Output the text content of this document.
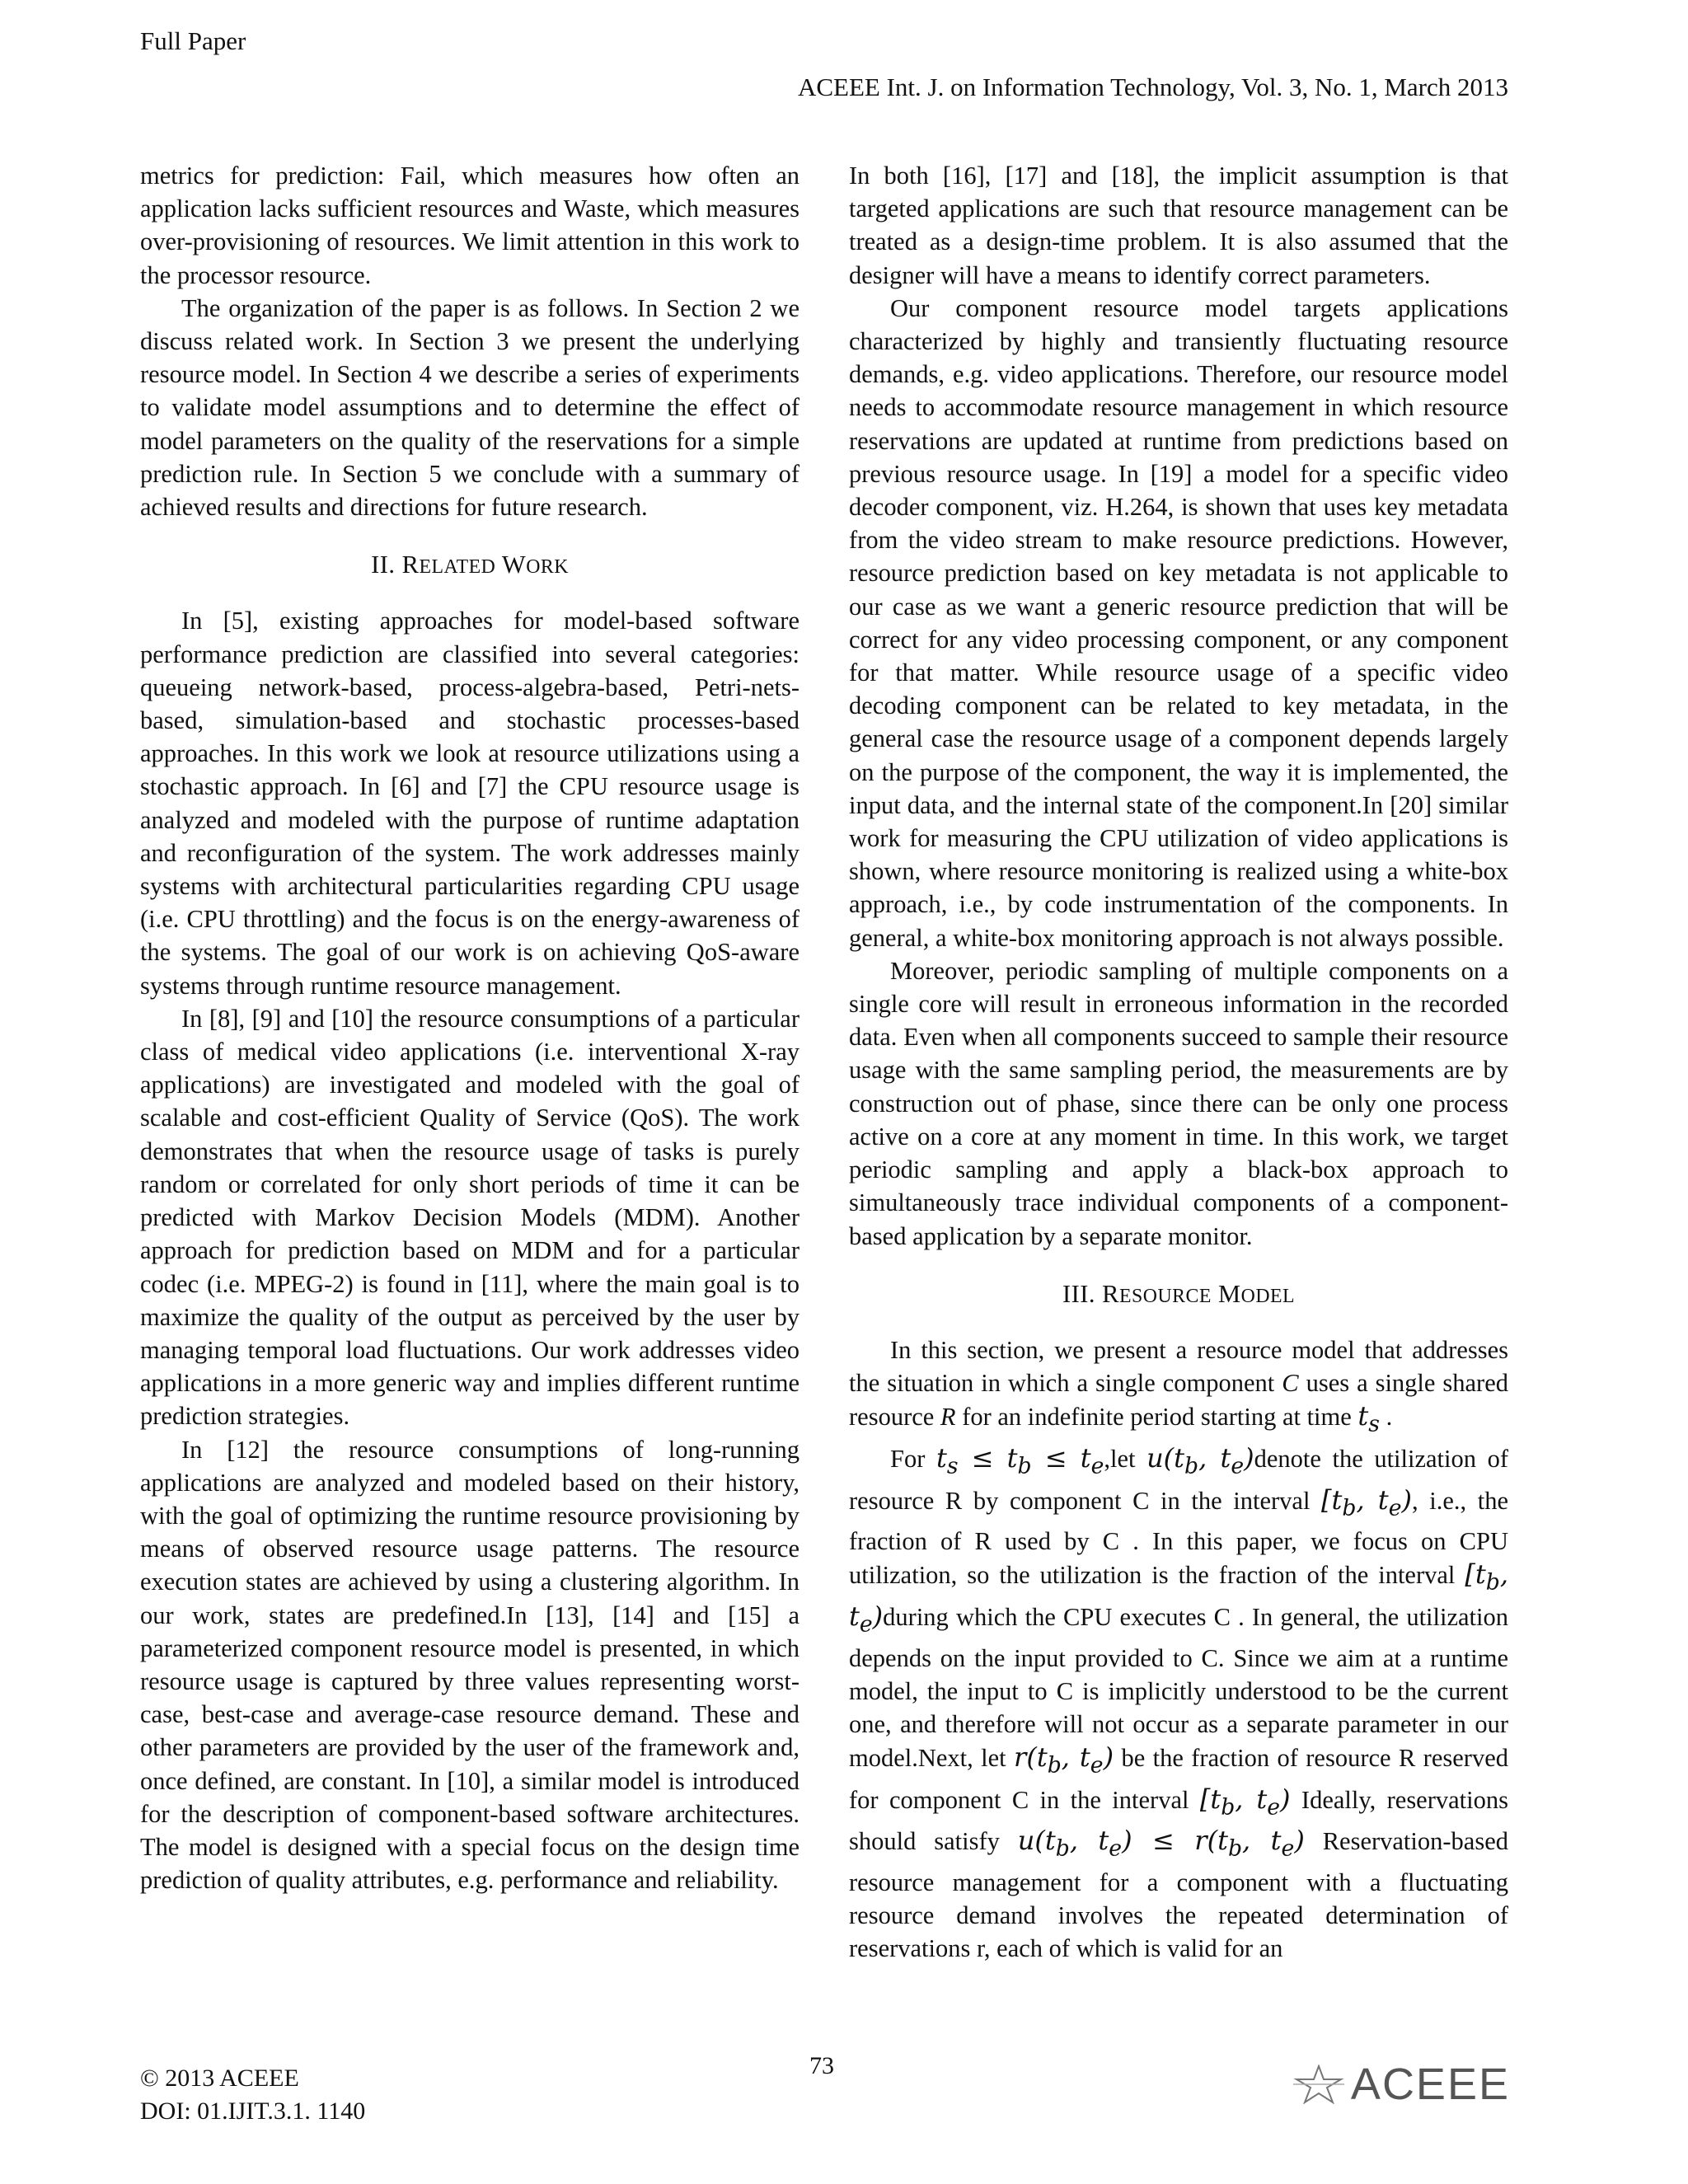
Full Paper
ACEEE Int. J. on Information Technology, Vol. 3, No. 1, March 2013

metrics for prediction: Fail, which measures how often an application lacks sufficient resources and Waste, which measures over-provisioning of resources. We limit attention in this work to the processor resource.

The organization of the paper is as follows. In Section 2 we discuss related work. In Section 3 we present the underlying resource model. In Section 4 we describe a series of experiments to validate model assumptions and to determine the effect of model parameters on the quality of the reservations for a simple prediction rule. In Section 5 we conclude with a summary of achieved results and directions for future research.

II. RELATED WORK

In [5], existing approaches for model-based software performance prediction are classified into several categories: queueing network-based, process-algebra-based, Petri-nets-based, simulation-based and stochastic processes-based approaches. In this work we look at resource utilizations using a stochastic approach. In [6] and [7] the CPU resource usage is analyzed and modeled with the purpose of runtime adaptation and reconfiguration of the system. The work addresses mainly systems with architectural particularities regarding CPU usage (i.e. CPU throttling) and the focus is on the energy-awareness of the systems. The goal of our work is on achieving QoS-aware systems through runtime resource management.

In [8], [9] and [10] the resource consumptions of a particular class of medical video applications (i.e. interventional X-ray applications) are investigated and modeled with the goal of scalable and cost-efficient Quality of Service (QoS). The work demonstrates that when the resource usage of tasks is purely random or correlated for only short periods of time it can be predicted with Markov Decision Models (MDM). Another approach for prediction based on MDM and for a particular codec (i.e. MPEG-2) is found in [11], where the main goal is to maximize the quality of the output as perceived by the user by managing temporal load fluctuations. Our work addresses video applications in a more generic way and implies different runtime prediction strategies.

In [12] the resource consumptions of long-running applications are analyzed and modeled based on their history, with the goal of optimizing the runtime resource provisioning by means of observed resource usage patterns. The resource execution states are achieved by using a clustering algorithm. In our work, states are predefined.In [13], [14] and [15] a parameterized component resource model is presented, in which resource usage is captured by three values representing worst-case, best-case and average-case resource demand. These and other parameters are provided by the user of the framework and, once defined, are constant. In [10], a similar model is introduced for the description of component-based software architectures. The model is designed with a special focus on the design time prediction of quality attributes, e.g. performance and reliability.

In both [16], [17] and [18], the implicit assumption is that targeted applications are such that resource management can be treated as a design-time problem. It is also assumed that the designer will have a means to identify correct parameters.

Our component resource model targets applications characterized by highly and transiently fluctuating resource demands, e.g. video applications. Therefore, our resource model needs to accommodate resource management in which resource reservations are updated at runtime from predictions based on previous resource usage. In [19] a model for a specific video decoder component, viz. H.264, is shown that uses key metadata from the video stream to make resource predictions. However, resource prediction based on key metadata is not applicable to our case as we want a generic resource prediction that will be correct for any video processing component, or any component for that matter. While resource usage of a specific video decoding component can be related to key metadata, in the general case the resource usage of a component depends largely on the purpose of the component, the way it is implemented, the input data, and the internal state of the component.In [20] similar work for measuring the CPU utilization of video applications is shown, where resource monitoring is realized using a white-box approach, i.e., by code instrumentation of the components. In general, a white-box monitoring approach is not always possible.

Moreover, periodic sampling of multiple components on a single core will result in erroneous information in the recorded data. Even when all components succeed to sample their resource usage with the same sampling period, the measurements are by construction out of phase, since there can be only one process active on a core at any moment in time. In this work, we target periodic sampling and apply a black-box approach to simultaneously trace individual components of a component-based application by a separate monitor.

III. RESOURCE MODEL

In this section, we present a resource model that addresses the situation in which a single component C uses a single shared resource R for an indefinite period starting at time $t_s$ .

For $t_s \le t_b \le t_e,let$ $u(t_b$, $t_e)denote$ the utilization of resource R by component C in the interval [$t_b$, $t_e$), i.e., the fraction of R used by C . In this paper, we focus on CPU utilization, so the utilization is the fraction of the interval [$t_b$, $t_e)during$ which the CPU executes C . In general, the utilization depends on the input provided to C. Since we aim at a runtime model, the input to C is implicitly understood to be the current one, and therefore will not occur as a separate parameter in our model.Next, let $r(t_b$, $t_e$) be the fraction of resource R reserved for component C in the interval [$t_b$, $t_e$) Ideally, reservations should satisfy $u(t_b$, $t_e) \le r(t_b$, $t_e$) Reservation-based resource management for a component with a fluctuating resource demand involves the repeated determination of reservations r, each of which is valid for an

73
© 2013 ACEEE
DOI: 01.IJIT.3.1. 1140
ACEEE
